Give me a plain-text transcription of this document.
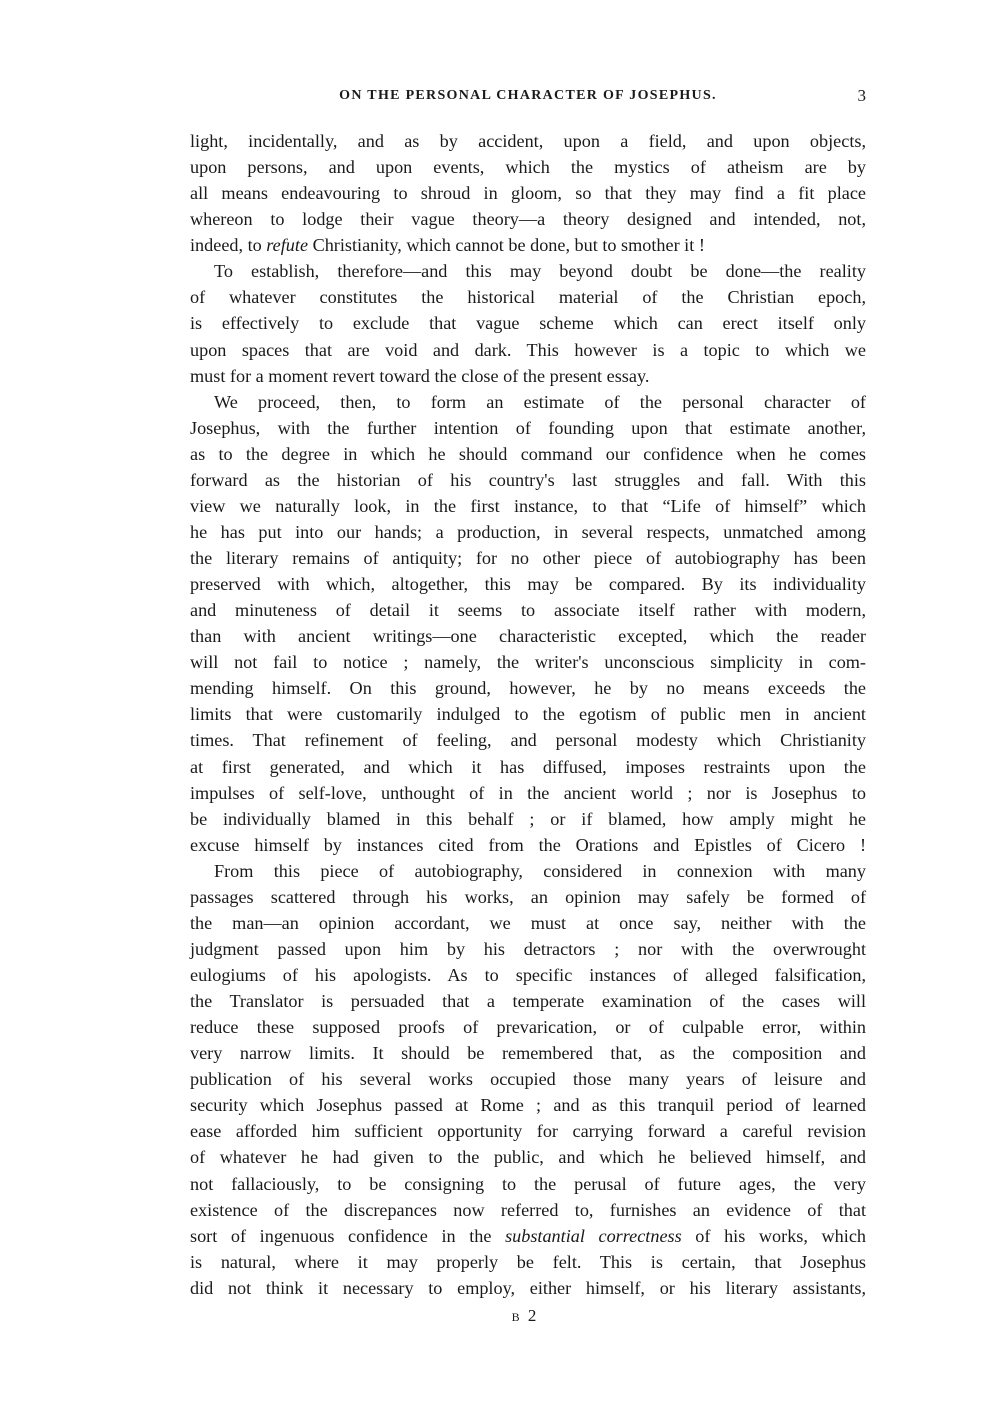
ON THE PERSONAL CHARACTER OF JOSEPHUS.	3
light, incidentally, and as by accident, upon a field, and upon objects,
upon persons, and upon events, which the mystics of atheism are by
all means endeavouring to shroud in gloom, so that they may find a fit place
whereon to lodge their vague theory—a theory designed and intended, not,
indeed, to refute Christianity, which cannot be done, but to smother it !
To establish, therefore—and this may beyond doubt be done—the reality
of whatever constitutes the historical material of the Christian epoch,
is effectively to exclude that vague scheme which can erect itself only
upon spaces that are void and dark. This however is a topic to which we
must for a moment revert toward the close of the present essay.
We proceed, then, to form an estimate of the personal character of
Josephus, with the further intention of founding upon that estimate another,
as to the degree in which he should command our confidence when he comes
forward as the historian of his country's last struggles and fall. With this
view we naturally look, in the first instance, to that “Life of himself” which
he has put into our hands; a production, in several respects, unmatched among
the literary remains of antiquity; for no other piece of autobiography has been
preserved with which, altogether, this may be compared. By its individuality
and minuteness of detail it seems to associate itself rather with modern,
than with ancient writings—one characteristic excepted, which the reader
will not fail to notice ; namely, the writer's unconscious simplicity in com-
mending himself. On this ground, however, he by no means exceeds the
limits that were customarily indulged to the egotism of public men in ancient
times. That refinement of feeling, and personal modesty which Christianity
at first generated, and which it has diffused, imposes restraints upon the
impulses of self-love, unthought of in the ancient world ; nor is Josephus to
be individually blamed in this behalf ; or if blamed, how amply might he
excuse himself by instances cited from the Orations and Epistles of Cicero !
From this piece of autobiography, considered in connexion with many
passages scattered through his works, an opinion may safely be formed of
the man—an opinion accordant, we must at once say, neither with the
judgment passed upon him by his detractors ; nor with the overwrought
eulogiums of his apologists. As to specific instances of alleged falsification,
the Translator is persuaded that a temperate examination of the cases will
reduce these supposed proofs of prevarication, or of culpable error, within
very narrow limits. It should be remembered that, as the composition and
publication of his several works occupied those many years of leisure and
security which Josephus passed at Rome ; and as this tranquil period of learned
ease afforded him sufficient opportunity for carrying forward a careful revision
of whatever he had given to the public, and which he believed himself, and
not fallaciously, to be consigning to the perusal of future ages, the very
existence of the discrepances now referred to, furnishes an evidence of that
sort of ingenuous confidence in the substantial correctness of his works, which
is natural, where it may properly be felt. This is certain, that Josephus
did not think it necessary to employ, either himself, or his literary assistants,
B 2
